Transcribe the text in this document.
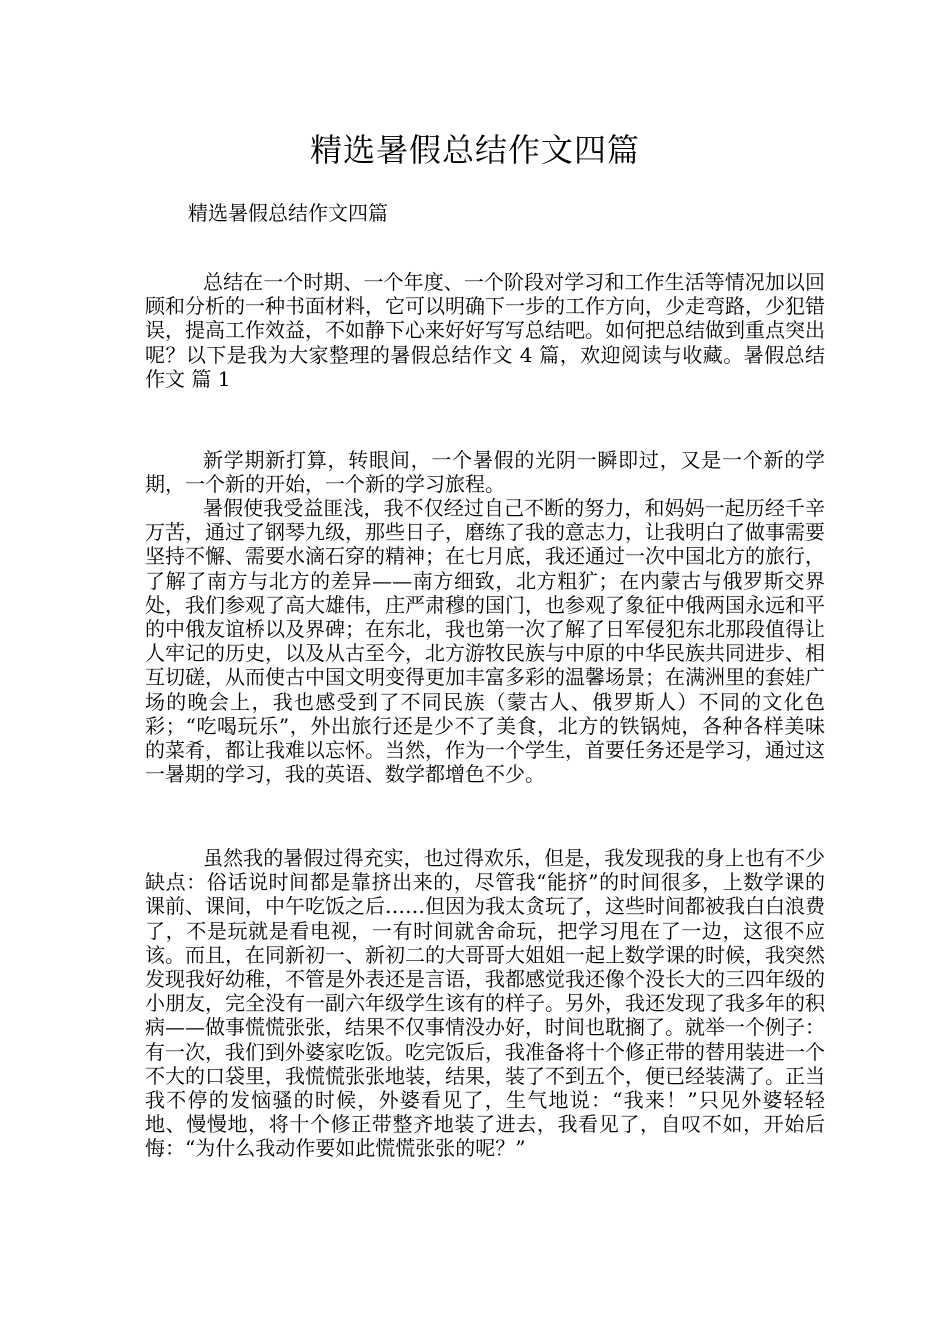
精选暑假总结作文四篇
精选暑假总结作文四篇

总结在一个时期、一个年度、一个阶段对学习和工作生活等情况加以回顾和分析的一种书面材料，它可以明确下一步的工作方向，少走弯路，少犯错误，提高工作效益，不如静下心来好好写写总结吧。如何把总结做到重点突出呢？以下是我为大家整理的暑假总结作文 4 篇，欢迎阅读与收藏。暑假总结作文 篇 1

新学期新打算，转眼间，一个暑假的光阴一瞬即过，又是一个新的学期，一个新的开始，一个新的学习旅程。

暑假使我受益匪浅，我不仅经过自己不断的努力，和妈妈一起历经千辛万苦，通过了钢琴九级，那些日子，磨练了我的意志力，让我明白了做事需要坚持不懈、需要水滴石穿的精神；在七月底，我还通过一次中国北方的旅行，了解了南方与北方的差异——南方细致，北方粗犷；在内蒙古与俄罗斯交界处，我们参观了高大雄伟，庄严肃穆的国门，也参观了象征中俄两国永远和平的中俄友谊桥以及界碑；在东北，我也第一次了解了日军侵犯东北那段值得让人牢记的历史，以及从古至今，北方游牧民族与中原的中华民族共同进步、相互切磋，从而使古中国文明变得更加丰富多彩的温馨场景；在满洲里的套娃广场的晚会上，我也感受到了不同民族（蒙古人、俄罗斯人）不同的文化色彩；“吃喝玩乐”，外出旅行还是少不了美食，北方的铁锅炖，各种各样美味的菜肴，都让我难以忘怀。当然，作为一个学生，首要任务还是学习，通过这一暑期的学习，我的英语、数学都增色不少。

虽然我的暑假过得充实，也过得欢乐，但是，我发现我的身上也有不少缺点：俗话说时间都是靠挤出来的，尽管我“能挤”的时间很多，上数学课的课前、课间，中午吃饭之后……但因为我太贪玩了，这些时间都被我白白浪费了，不是玩就是看电视，一有时间就舍命玩，把学习甩在了一边，这很不应该。而且，在同新初一、新初二的大哥哥大姐姐一起上数学课的时候，我突然发现我好幼稚，不管是外表还是言语，我都感觉我还像个没长大的三四年级的小朋友，完全没有一副六年级学生该有的样子。另外，我还发现了我多年的积病——做事慌慌张张，结果不仅事情没办好，时间也耽搁了。就举一个例子：有一次，我们到外婆家吃饭。吃完饭后，我准备将十个修正带的替用装进一个不大的口袋里，我慌慌张张地装，结果，装了不到五个，便已经装满了。正当我不停的发恼骚的时候，外婆看见了，生气地说：“我来！”只见外婆轻轻地、慢慢地，将十个修正带整齐地装了进去，我看见了，自叹不如，开始后悔：“为什么我动作要如此慌慌张张的呢？”
